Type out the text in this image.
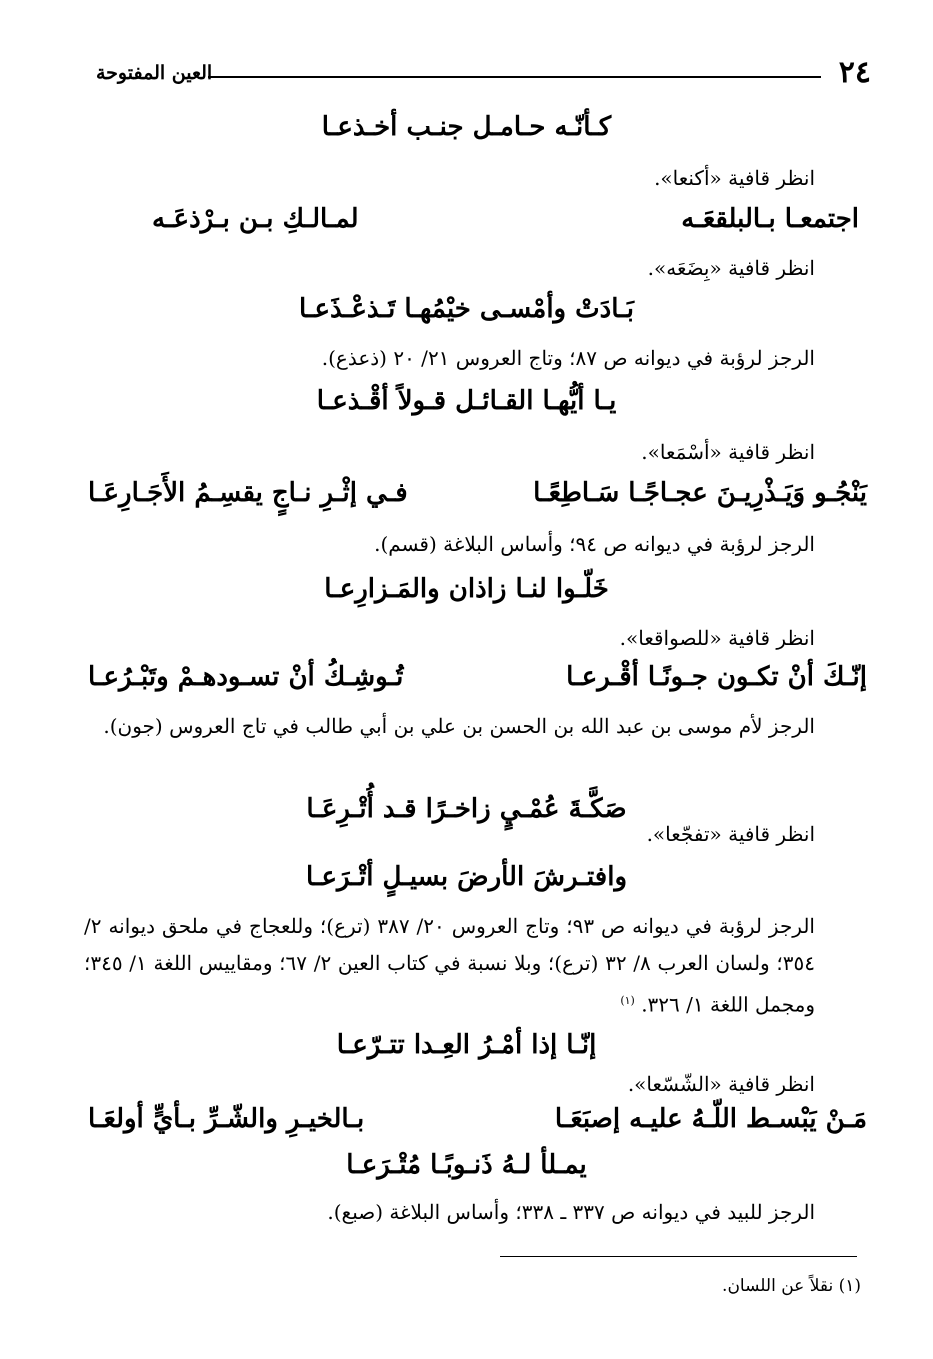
٢٤
العين المفتوحة
كـأنّـه حـامـل جنـب أخـذعـا
انظر قافية «أكنعا».
اجتمعـا بـالبلقعَـه
لمـالـكِ بـن بـرْذعَـه
انظر قافية «بِضَعَه».
بَـادَتْ وأمْسـى خيْمُهـا تَـذعْـذَعـا
الرجز لرؤبة في ديوانه ص ٨٧؛ وتاج العروس ٢١/ ٢٠ (ذعذع).
يـا أيُّهـا القـائـل قـولاً أقْـذعـا
انظر قافية «أسْمَعا».
يَنْجُـو وَيَـذْرِيـنَ عجـاجًـا سَـاطِعًـا
فـي إثْـرِ نـاجٍ يقسِـمُ الأَجَـارِعَـا
الرجز لرؤبة في ديوانه ص ٩٤؛ وأساس البلاغة (قسم).
خَلّـوا لنـا زاذان والمَـزارِعـا
انظر قافية «للصواقعا».
إنّـكَ أنْ تكـون جـونًـا أقْـرعـا
تُـوشِـكُ أنْ تسـودهـمْ وتَبْـرُعـا
الرجز لأم موسى بن عبد الله بن الحسن بن علي بن أبي طالب في تاج العروس (جون).
صَكَّـةَ عُمْـيٍ زاخـرًا قـد أُتْـرِعَـا
انظر قافية «تفجّعا».
وافتـرشَ الأرضَ بسيـلٍ أتْـرَعـا
الرجز لرؤبة في ديوانه ص ٩٣؛ وتاج العروس ٢٠/ ٣٨٧ (ترع)؛ وللعجاج في ملحق ديوانه ٢/ ٣٥٤؛ ولسان العرب ٨/ ٣٢ (ترع)؛ وبلا نسبة في كتاب العين ٢/ ٦٧؛ ومقاييس اللغة ١/ ٣٤٥؛ ومجمل اللغة ١/ ٣٢٦. $^{(١)}$
إنّـا إذا أمْـرُ العِـدا تتـرّعـا
انظر قافية «الشّسّعا».
مَـنْ يَبْسـط اللّـهُ عليـه إصبَعَـا
بـالخيـرِ والشّـرِّ بـأيٍّ أولعَـا
يمـلأ لـهُ ذَنـوبًـا مُتْـرَعـا
الرجز للبيد في ديوانه ص ٣٣٧ ـ ٣٣٨؛ وأساس البلاغة (صبع).
(١) نقلاً عن اللسان.
